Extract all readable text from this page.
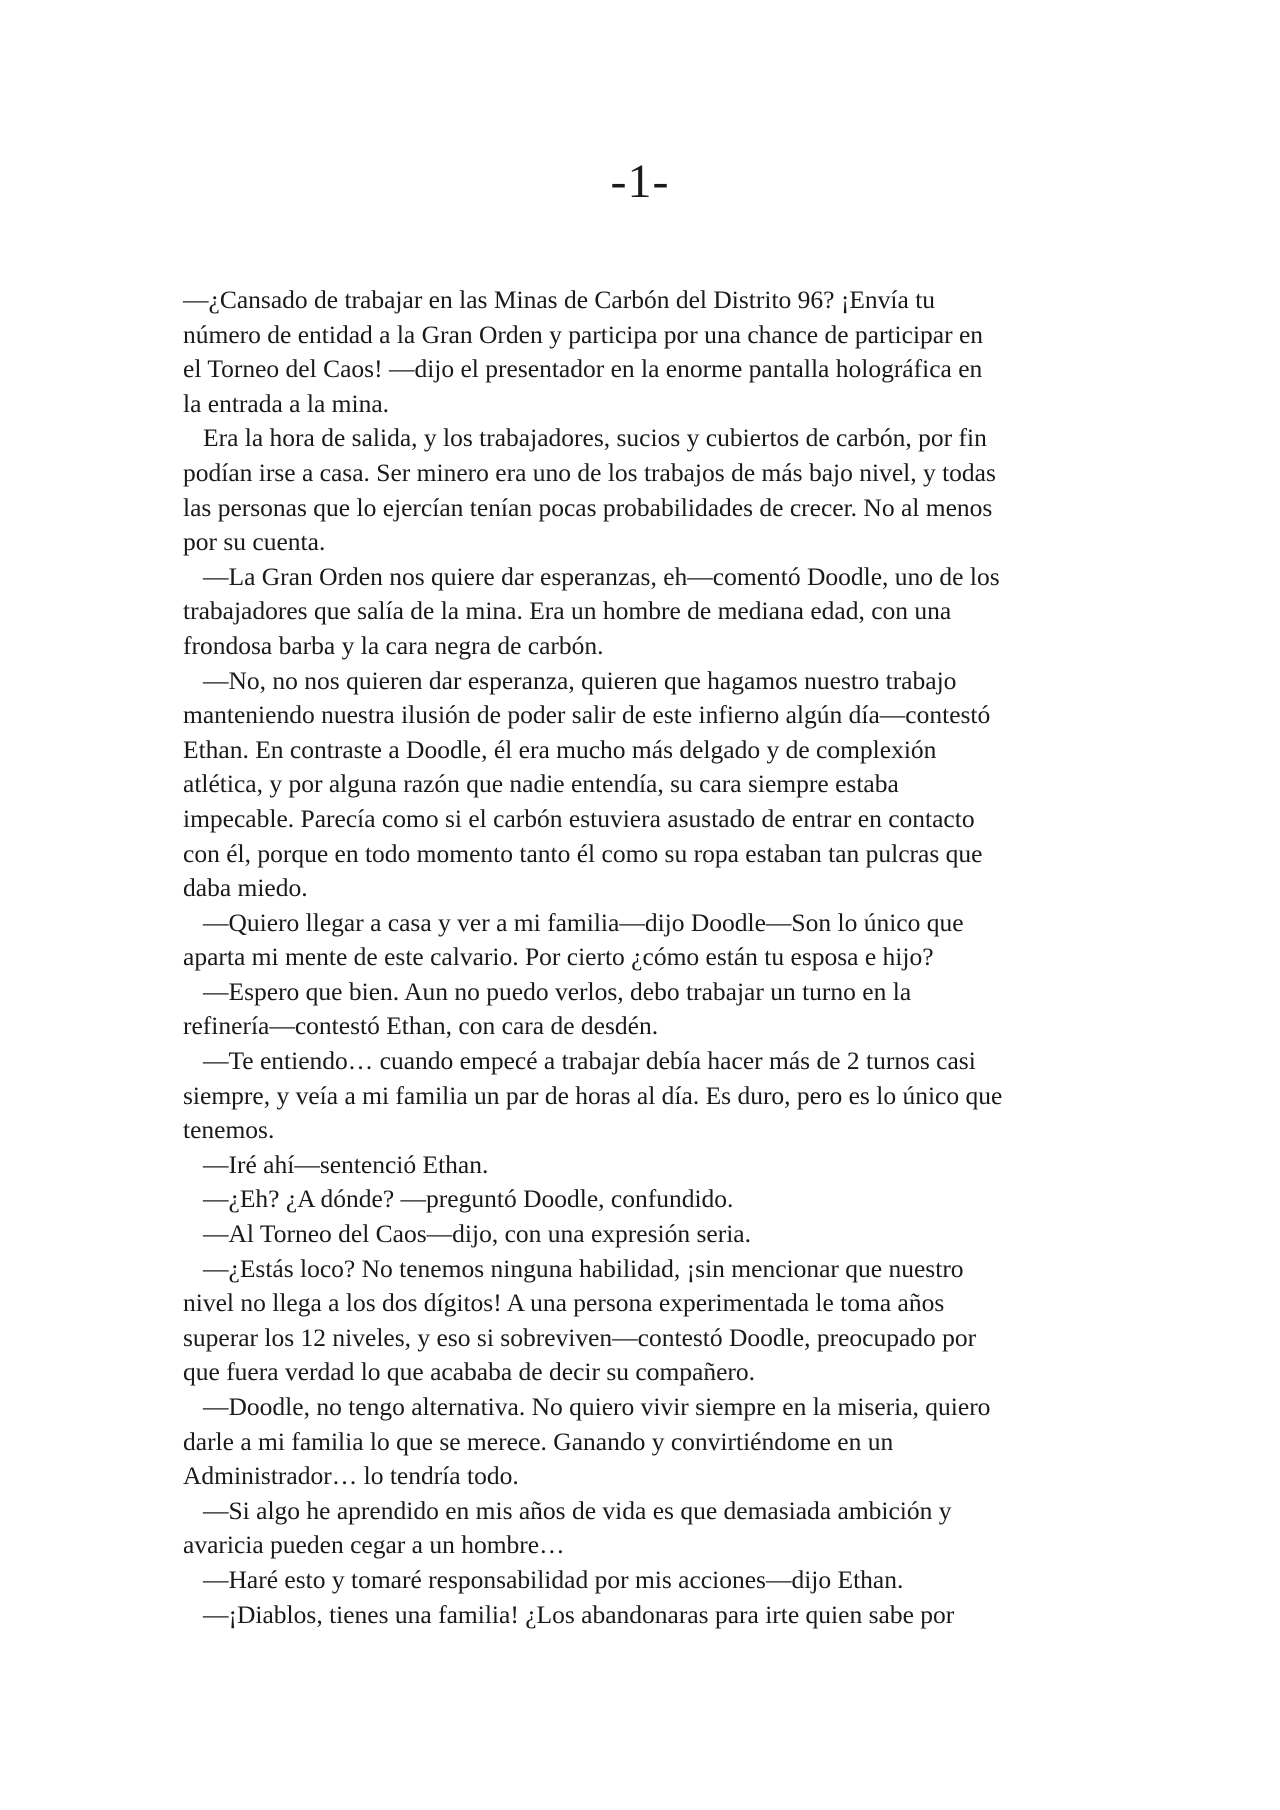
-1-
—¿Cansado de trabajar en las Minas de Carbón del Distrito 96? ¡Envía tu
número de entidad a la Gran Orden y participa por una chance de participar en
el Torneo del Caos! —dijo el presentador en la enorme pantalla holográfica en
la entrada a la mina.
Era la hora de salida, y los trabajadores, sucios y cubiertos de carbón, por fin
podían irse a casa. Ser minero era uno de los trabajos de más bajo nivel, y todas
las personas que lo ejercían tenían pocas probabilidades de crecer. No al menos
por su cuenta.
—La Gran Orden nos quiere dar esperanzas, eh—comentó Doodle, uno de los
trabajadores que salía de la mina. Era un hombre de mediana edad, con una
frondosa barba y la cara negra de carbón.
—No, no nos quieren dar esperanza, quieren que hagamos nuestro trabajo
manteniendo nuestra ilusión de poder salir de este infierno algún día—contestó
Ethan. En contraste a Doodle, él era mucho más delgado y de complexión
atlética, y por alguna razón que nadie entendía, su cara siempre estaba
impecable. Parecía como si el carbón estuviera asustado de entrar en contacto
con él, porque en todo momento tanto él como su ropa estaban tan pulcras que
daba miedo.
—Quiero llegar a casa y ver a mi familia—dijo Doodle—Son lo único que
aparta mi mente de este calvario. Por cierto ¿cómo están tu esposa e hijo?
—Espero que bien. Aun no puedo verlos, debo trabajar un turno en la
refinería—contestó Ethan, con cara de desdén.
—Te entiendo… cuando empecé a trabajar debía hacer más de 2 turnos casi
siempre, y veía a mi familia un par de horas al día. Es duro, pero es lo único que
tenemos.
—Iré ahí—sentenció Ethan.
—¿Eh? ¿A dónde? —preguntó Doodle, confundido.
—Al Torneo del Caos—dijo, con una expresión seria.
—¿Estás loco? No tenemos ninguna habilidad, ¡sin mencionar que nuestro
nivel no llega a los dos dígitos! A una persona experimentada le toma años
superar los 12 niveles, y eso si sobreviven—contestó Doodle, preocupado por
que fuera verdad lo que acababa de decir su compañero.
—Doodle, no tengo alternativa. No quiero vivir siempre en la miseria, quiero
darle a mi familia lo que se merece. Ganando y convirtiéndome en un
Administrador… lo tendría todo.
—Si algo he aprendido en mis años de vida es que demasiada ambición y
avaricia pueden cegar a un hombre…
—Haré esto y tomaré responsabilidad por mis acciones—dijo Ethan.
—¡Diablos, tienes una familia! ¿Los abandonaras para irte quien sabe por
